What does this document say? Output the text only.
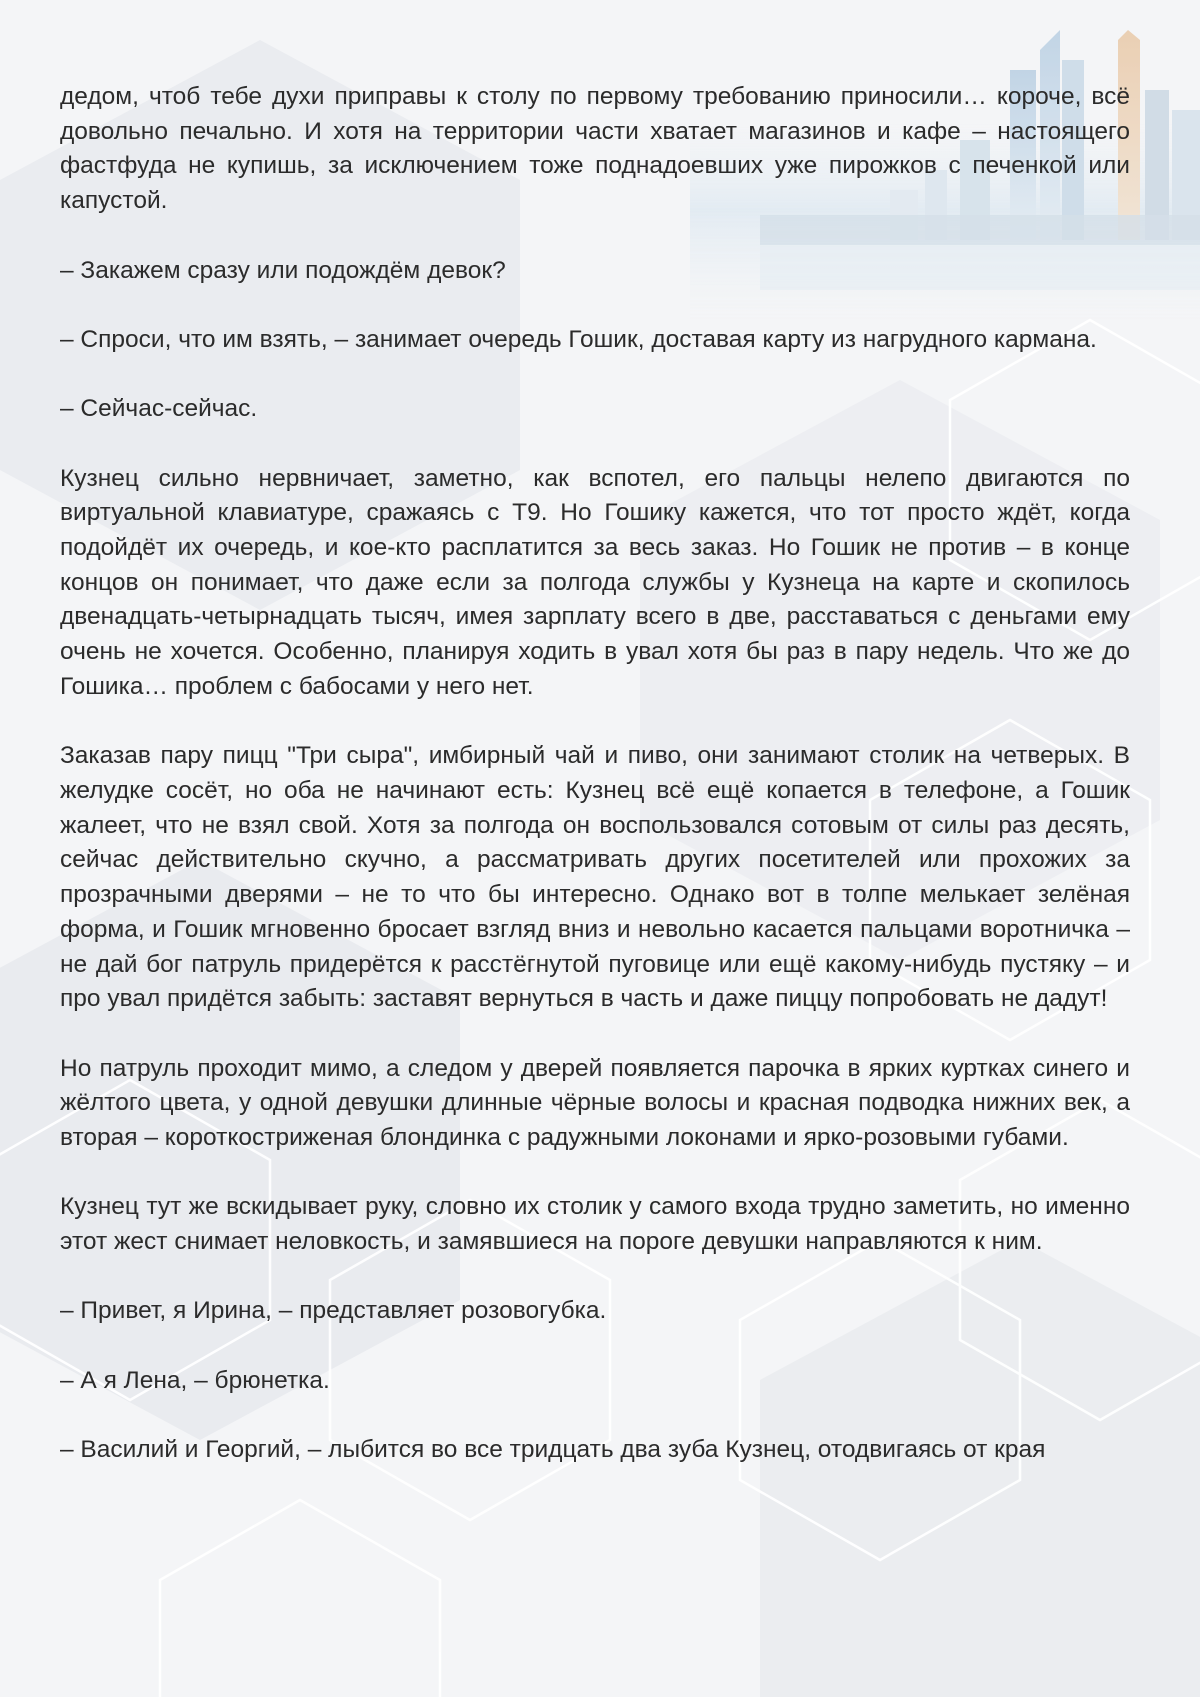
дедом, чтоб тебе духи приправы к столу по первому требованию приносили… короче, всё довольно печально. И хотя на территории части хватает магазинов и кафе – настоящего фастфуда не купишь, за исключением тоже поднадоевших уже пирожков с печенкой или капустой.

– Закажем сразу или подождём девок?

– Спроси, что им взять, – занимает очередь Гошик, доставая карту из нагрудного кармана.

– Сейчас-сейчас.

Кузнец сильно нервничает, заметно, как вспотел, его пальцы нелепо двигаются по виртуальной клавиатуре, сражаясь с Т9. Но Гошику кажется, что тот просто ждёт, когда подойдёт их очередь, и кое-кто расплатится за весь заказ. Но Гошик не против – в конце концов он понимает, что даже если за полгода службы у Кузнеца на карте и скопилось двенадцать-четырнадцать тысяч, имея зарплату всего в две, расставаться с деньгами ему очень не хочется. Особенно, планируя ходить в увал хотя бы раз в пару недель. Что же до Гошика… проблем с бабосами у него нет.

Заказав пару пицц "Три сыра", имбирный чай и пиво, они занимают столик на четверых. В желудке сосёт, но оба не начинают есть: Кузнец всё ещё копается в телефоне, а Гошик жалеет, что не взял свой. Хотя за полгода он воспользовался сотовым от силы раз десять, сейчас действительно скучно, а рассматривать других посетителей или прохожих за прозрачными дверями – не то что бы интересно. Однако вот в толпе мелькает зелёная форма, и Гошик мгновенно бросает взгляд вниз и невольно касается пальцами воротничка – не дай бог патруль придерётся к расстёгнутой пуговице или ещё какому-нибудь пустяку – и про увал придётся забыть: заставят вернуться в часть и даже пиццу попробовать не дадут!

Но патруль проходит мимо, а следом у дверей появляется парочка в ярких куртках синего и жёлтого цвета, у одной девушки длинные чёрные волосы и красная подводка нижних век, а вторая – короткостриженая блондинка с радужными локонами и ярко-розовыми губами.

Кузнец тут же вскидывает руку, словно их столик у самого входа трудно заметить, но именно этот жест снимает неловкость, и замявшиеся на пороге девушки направляются к ним.

– Привет, я Ирина, – представляет розовогубка.

– А я Лена, – брюнетка.

– Василий и Георгий, – лыбится во все тридцать два зуба Кузнец, отодвигаясь от края
